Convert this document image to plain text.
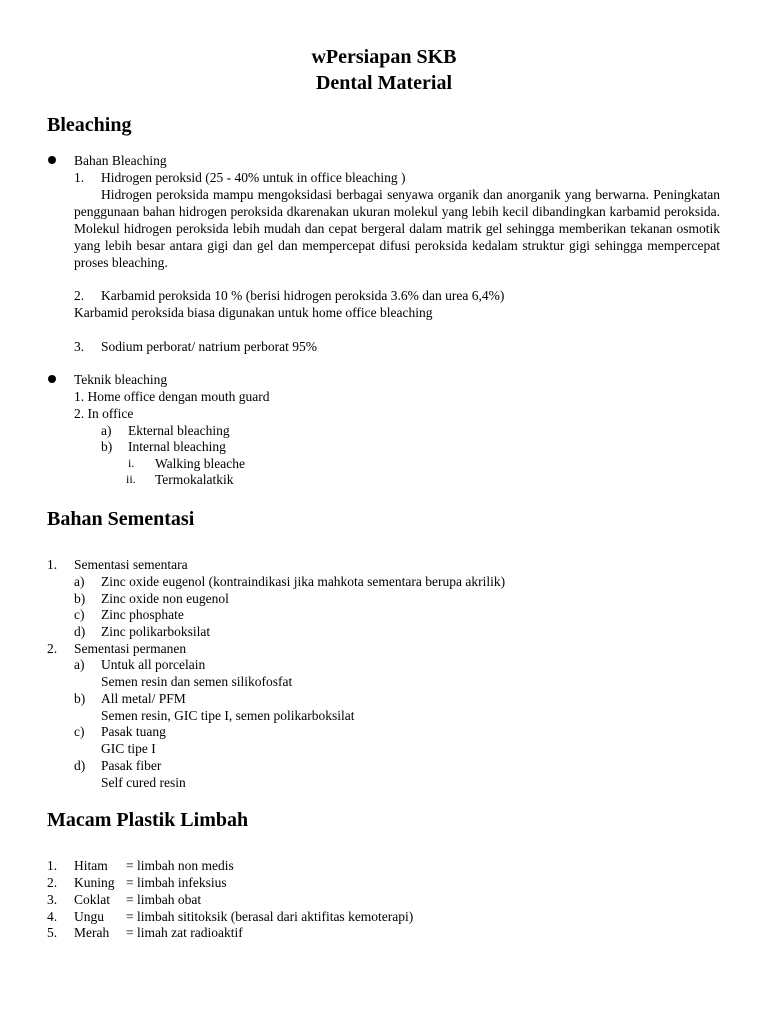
wPersiapan SKB
Dental Material
Bleaching

Bahan Bleaching

1. Hidrogen peroksid (25 - 40% untuk in office bleaching )

Hidrogen peroksida mampu mengoksidasi berbagai senyawa organik dan anorganik yang berwarna. Peningkatan penggunaan bahan hidrogen peroksida dkarenakan ukuran molekul yang lebih kecil dibandingkan karbamid peroksida. Molekul hidrogen peroksida lebih mudah dan cepat bergeral dalam matrik gel sehingga memberikan tekanan osmotik yang lebih besar antara gigi dan gel dan mempercepat difusi peroksida kedalam struktur gigi sehingga mempercepat proses bleaching.

2. Karbamid peroksida 10 % (berisi hidrogen peroksida 3.6% dan urea 6,4%)

Karbamid peroksida biasa digunakan untuk home office bleaching

3. Sodium perborat/ natrium perborat 95%

Teknik bleaching

1. Home office dengan mouth guard

2. In office

a) Ekternal bleaching

b) Internal bleaching

i. Walking bleache

ii. Termokalatkik

Bahan Sementasi

1. Sementasi sementara

a) Zinc oxide eugenol (kontraindikasi jika mahkota sementara berupa akrilik)

b) Zinc oxide non eugenol

c) Zinc phosphate

d) Zinc polikarboksilat

2. Sementasi permanen

a) Untuk all porcelain

Semen resin dan semen silikofosfat

b) All metal/ PFM

Semen resin, GIC tipe I, semen polikarboksilat

c) Pasak tuang

GIC tipe I

d) Pasak fiber

Self cured resin

Macam Plastik Limbah

1. Hitam = limbah non medis

2. Kuning = limbah infeksius

3. Coklat = limbah obat

4. Ungu = limbah sititoksik (berasal dari aktifitas kemoterapi)

5. Merah = limah zat radioaktif
